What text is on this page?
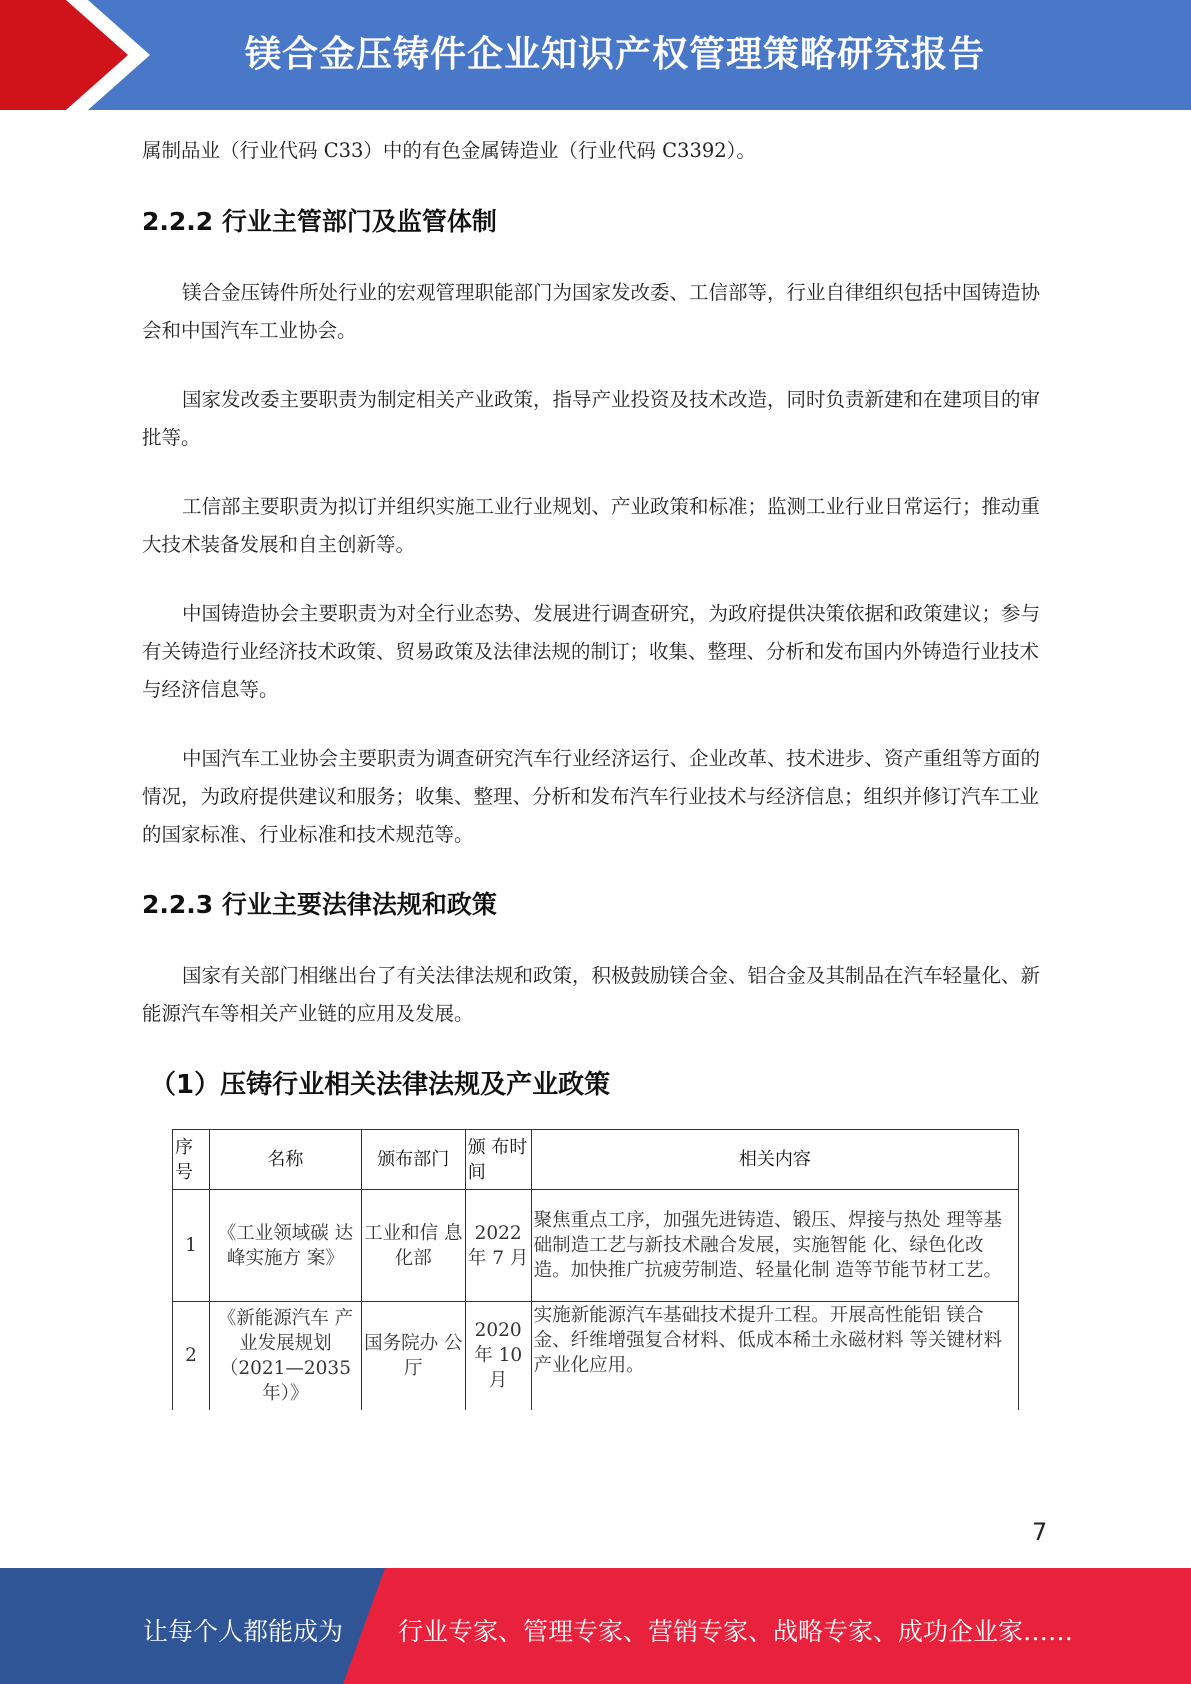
镁合金压铸件企业知识产权管理策略研究报告
属制品业（行业代码 C33）中的有色金属铸造业（行业代码 C3392）。
2.2.2 行业主管部门及监管体制
镁合金压铸件所处行业的宏观管理职能部门为国家发改委、工信部等，行业自律组织包括中国铸造协会和中国汽车工业协会。
国家发改委主要职责为制定相关产业政策，指导产业投资及技术改造，同时负责新建和在建项目的审批等。
工信部主要职责为拟订并组织实施工业行业规划、产业政策和标准；监测工业行业日常运行；推动重大技术装备发展和自主创新等。
中国铸造协会主要职责为对全行业态势、发展进行调查研究，为政府提供决策依据和政策建议；参与有关铸造行业经济技术政策、贸易政策及法律法规的制订；收集、整理、分析和发布国内外铸造行业技术与经济信息等。
中国汽车工业协会主要职责为调查研究汽车行业经济运行、企业改革、技术进步、资产重组等方面的情况，为政府提供建议和服务；收集、整理、分析和发布汽车行业技术与经济信息；组织并修订汽车工业的国家标准、行业标准和技术规范等。
2.2.3 行业主要法律法规和政策
国家有关部门相继出台了有关法律法规和政策，积极鼓励镁合金、铝合金及其制品在汽车轻量化、新能源汽车等相关产业链的应用及发展。
（1）压铸行业相关法律法规及产业政策
序号	名称	颁布部门	颁 布时间	相关内容
1	《工业领域碳 达峰实施方 案》	工业和信 息化部	2022 年 7 月	聚焦重点工序，加强先进铸造、锻压、焊接与热处 理等基础制造工艺与新技术融合发展，实施智能 化、绿色化改造。加快推广抗疲劳制造、轻量化制 造等节能节材工艺。
2	《新能源汽车 产业发展规划（2021—2035 年）》	国务院办 公厅	2020 年 10 月	实施新能源汽车基础技术提升工程。开展高性能铝 镁合金、纤维增强复合材料、低成本稀土永磁材料 等关键材料产业化应用。
7
让每个人都能成为 行业专家、管理专家、营销专家、战略专家、成功企业家……
